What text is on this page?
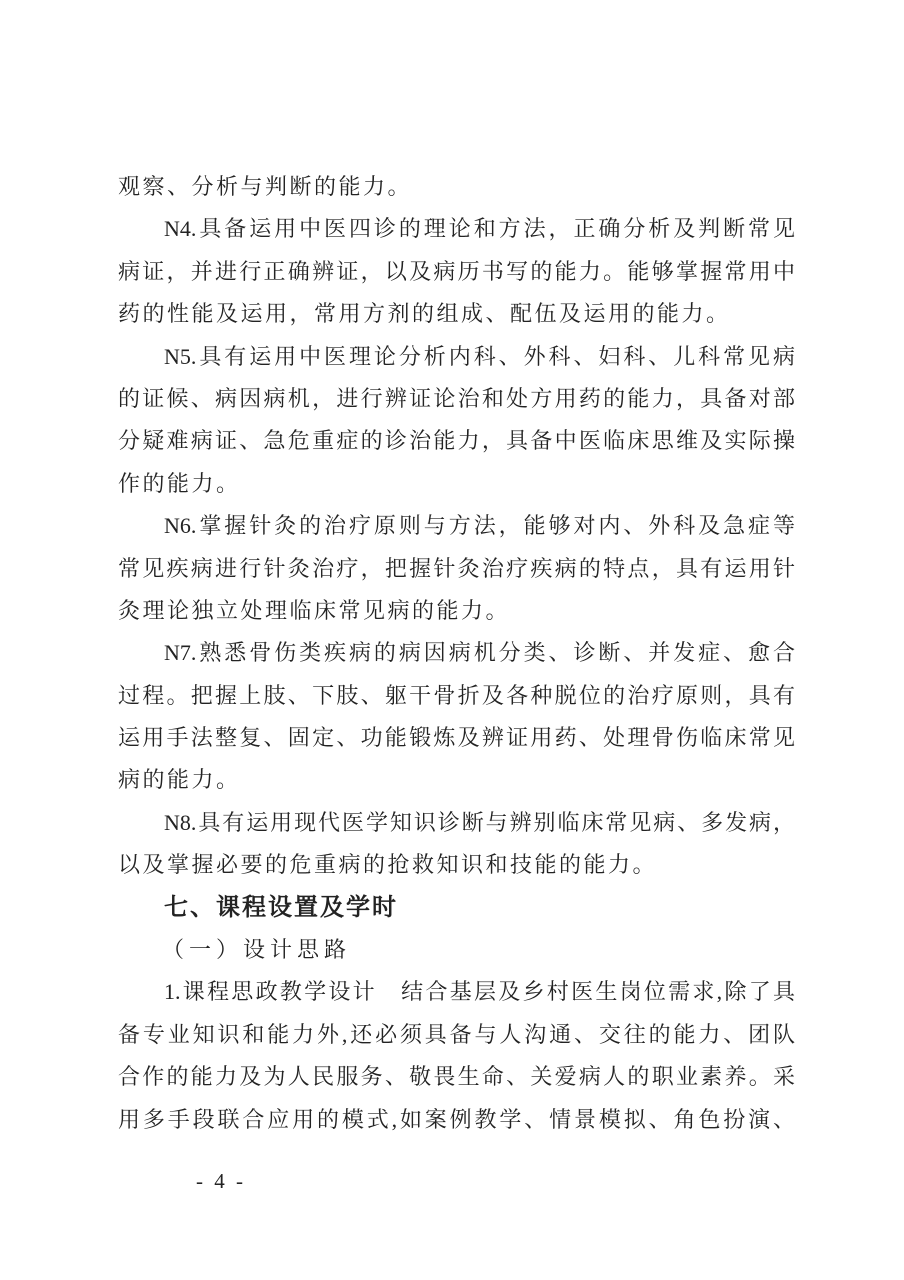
观察、分析与判断的能力。
N4.具备运用中医四诊的理论和方法，正确分析及判断常见
病证，并进行正确辨证，以及病历书写的能力。能够掌握常用中
药的性能及运用，常用方剂的组成、配伍及运用的能力。
N5.具有运用中医理论分析内科、外科、妇科、儿科常见病
的证候、病因病机，进行辨证论治和处方用药的能力，具备对部
分疑难病证、急危重症的诊治能力，具备中医临床思维及实际操
作的能力。
N6.掌握针灸的治疗原则与方法，能够对内、外科及急症等
常见疾病进行针灸治疗，把握针灸治疗疾病的特点，具有运用针
灸理论独立处理临床常见病的能力。
N7.熟悉骨伤类疾病的病因病机分类、诊断、并发症、愈合
过程。把握上肢、下肢、躯干骨折及各种脱位的治疗原则，具有
运用手法整复、固定、功能锻炼及辨证用药、处理骨伤临床常见
病的能力。
N8.具有运用现代医学知识诊断与辨别临床常见病、多发病，
以及掌握必要的危重病的抢救知识和技能的能力。
七、课程设置及学时
（一）设计思路
1.课程思政教学设计　结合基层及乡村医生岗位需求,除了具
备专业知识和能力外,还必须具备与人沟通、交往的能力、团队
合作的能力及为人民服务、敬畏生命、关爱病人的职业素养。采
用多手段联合应用的模式,如案例教学、情景模拟、角色扮演、
- 4 -
